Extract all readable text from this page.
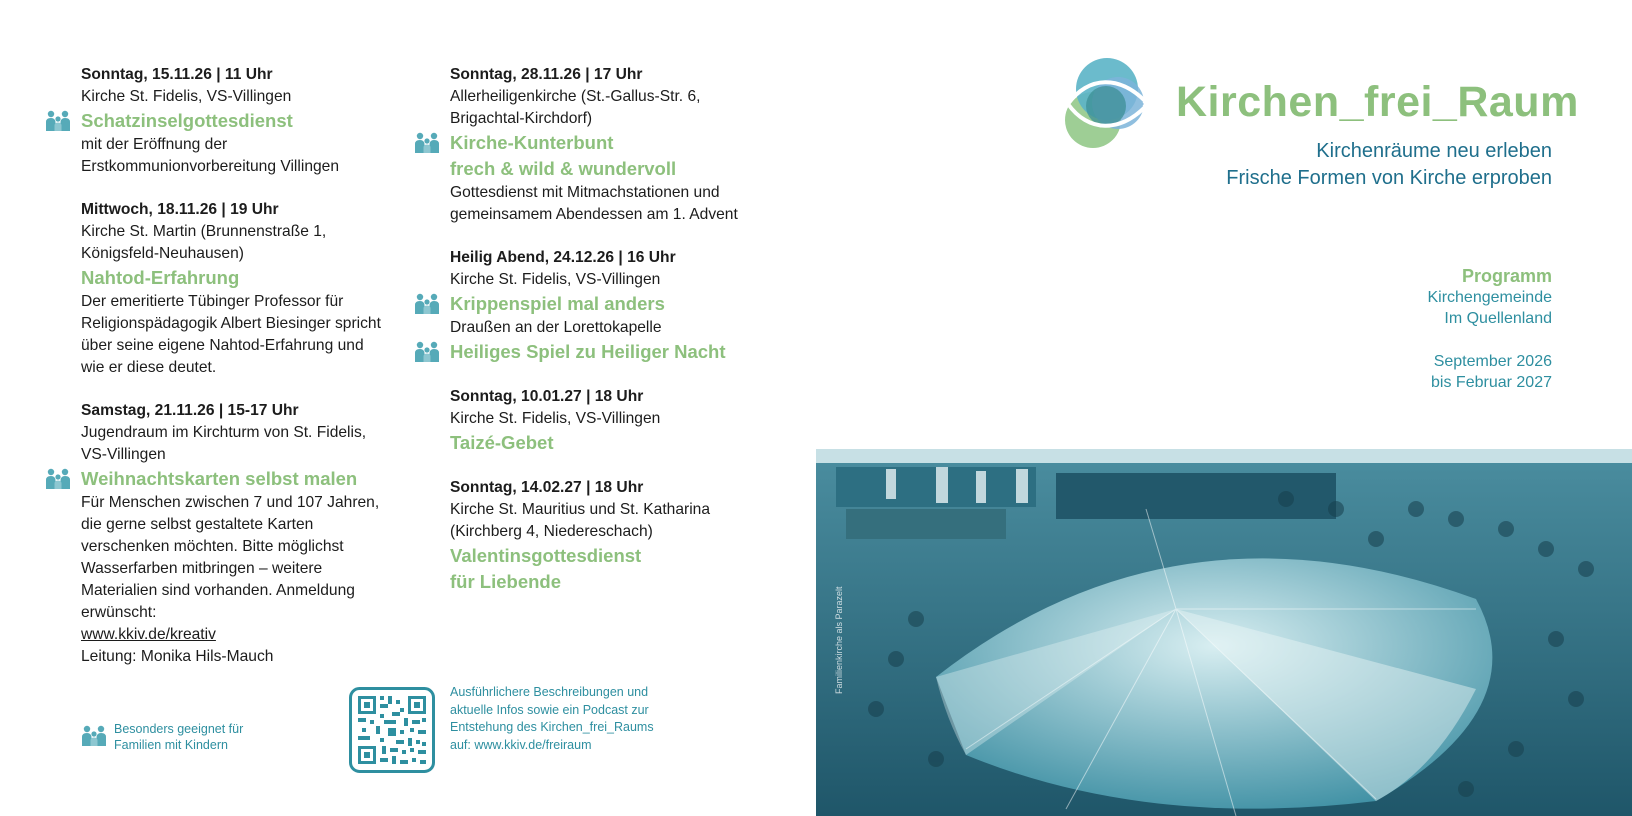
Sonntag, 15.11.26 | 11 Uhr
Kirche St. Fidelis, VS-Villingen
Schatzinselgottesdienst
mit der Eröffnung der Erstkommunionvorbereitung Villingen
Mittwoch, 18.11.26 | 19 Uhr
Kirche St. Martin (Brunnenstraße 1, Königsfeld-Neuhausen)
Nahtod-Erfahrung
Der emeritierte Tübinger Professor für Religionspädagogik Albert Biesinger spricht über seine eigene Nahtod-Erfahrung und wie er diese deutet.
Samstag, 21.11.26 | 15-17 Uhr
Jugendraum im Kirchturm von St. Fidelis, VS-Villingen
Weihnachtskarten selbst malen
Für Menschen zwischen 7 und 107 Jahren, die gerne selbst gestaltete Karten verschenken möchten. Bitte möglichst Wasserfarben mitbringen – weitere Materialien sind vorhanden. Anmeldung erwünscht:
www.kkiv.de/kreativ
Leitung: Monika Hils-Mauch
Sonntag, 28.11.26 | 17 Uhr
Allerheiligenkirche (St.-Gallus-Str. 6, Brigachtal-Kirchdorf)
Kirche-Kunterbunt
frech & wild & wundervoll
Gottesdienst mit Mitmachstationen und gemeinsamem Abendessen am 1. Advent
Heilig Abend, 24.12.26 | 16 Uhr
Kirche St. Fidelis, VS-Villingen
Krippenspiel mal anders
Draußen an der Lorettokapelle
Heiliges Spiel zu Heiliger Nacht
Sonntag, 10.01.27 | 18 Uhr
Kirche St. Fidelis, VS-Villingen
Taizé-Gebet
Sonntag, 14.02.27 | 18 Uhr
Kirche St. Mauritius und St. Katharina (Kirchberg 4, Niedereschach)
Valentinsgottesdienst
für Liebende
Besonders geeignet für
Familien mit Kindern
Ausführlichere Beschreibungen und
aktuelle Infos sowie ein Podcast zur
Entstehung des Kirchen_frei_Raums
auf: www.kkiv.de/freiraum
Kirchen_frei_Raum
Kirchenräume neu erleben
Frische Formen von Kirche erproben
Programm
Kirchengemeinde
Im Quellenland
September 2026
bis Februar 2027
Familienkirche als Parazelt
